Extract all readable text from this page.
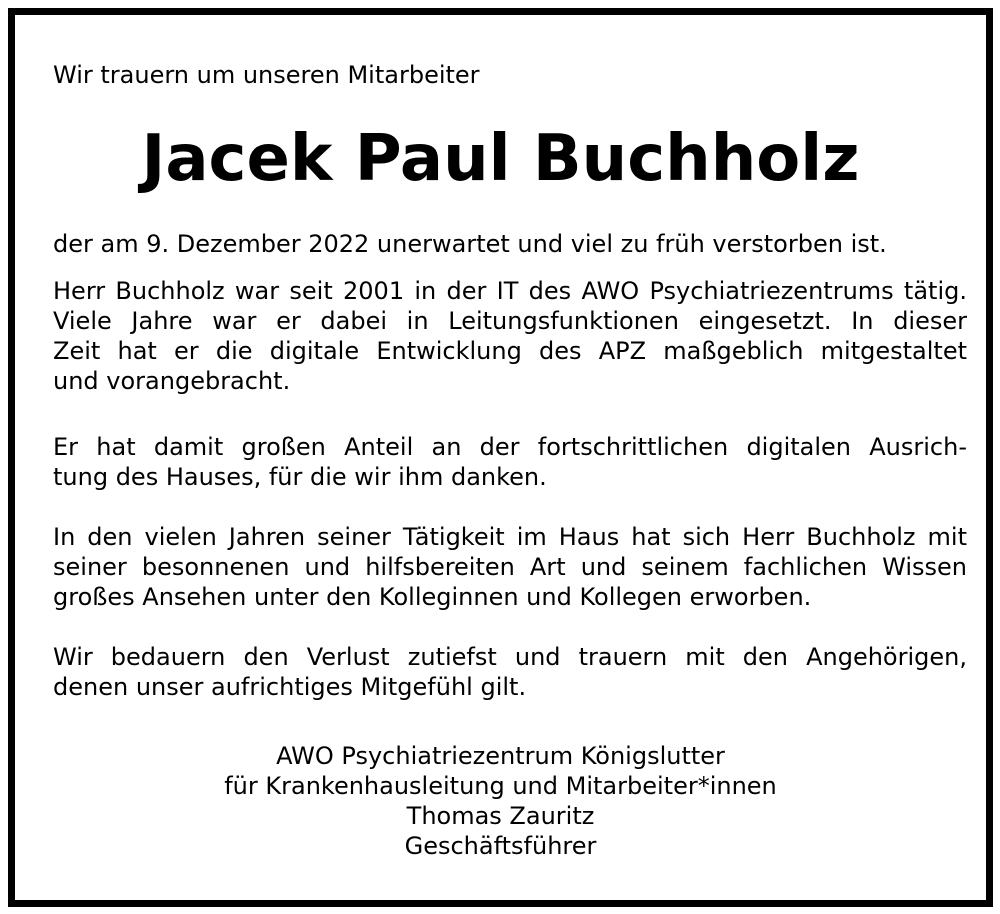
Wir trauern um unseren Mitarbeiter
Jacek Paul Buchholz
der am 9. Dezember 2022 unerwartet und viel zu früh verstorben ist.
Herr Buchholz war seit 2001 in der IT des AWO Psychiatriezentrums tätig.
Viele Jahre war er dabei in Leitungsfunktionen eingesetzt. In dieser
Zeit hat er die digitale Entwicklung des APZ maßgeblich mitgestaltet
und vorangebracht.
Er hat damit großen Anteil an der fortschrittlichen digitalen Ausrich-
tung des Hauses, für die wir ihm danken.
In den vielen Jahren seiner Tätigkeit im Haus hat sich Herr Buchholz mit
seiner besonnenen und hilfsbereiten Art und seinem fachlichen Wissen
großes Ansehen unter den Kolleginnen und Kollegen erworben.
Wir bedauern den Verlust zutiefst und trauern mit den Angehörigen,
denen unser aufrichtiges Mitgefühl gilt.
AWO Psychiatriezentrum Königslutter
für Krankenhausleitung und Mitarbeiter*innen
Thomas Zauritz
Geschäftsführer
